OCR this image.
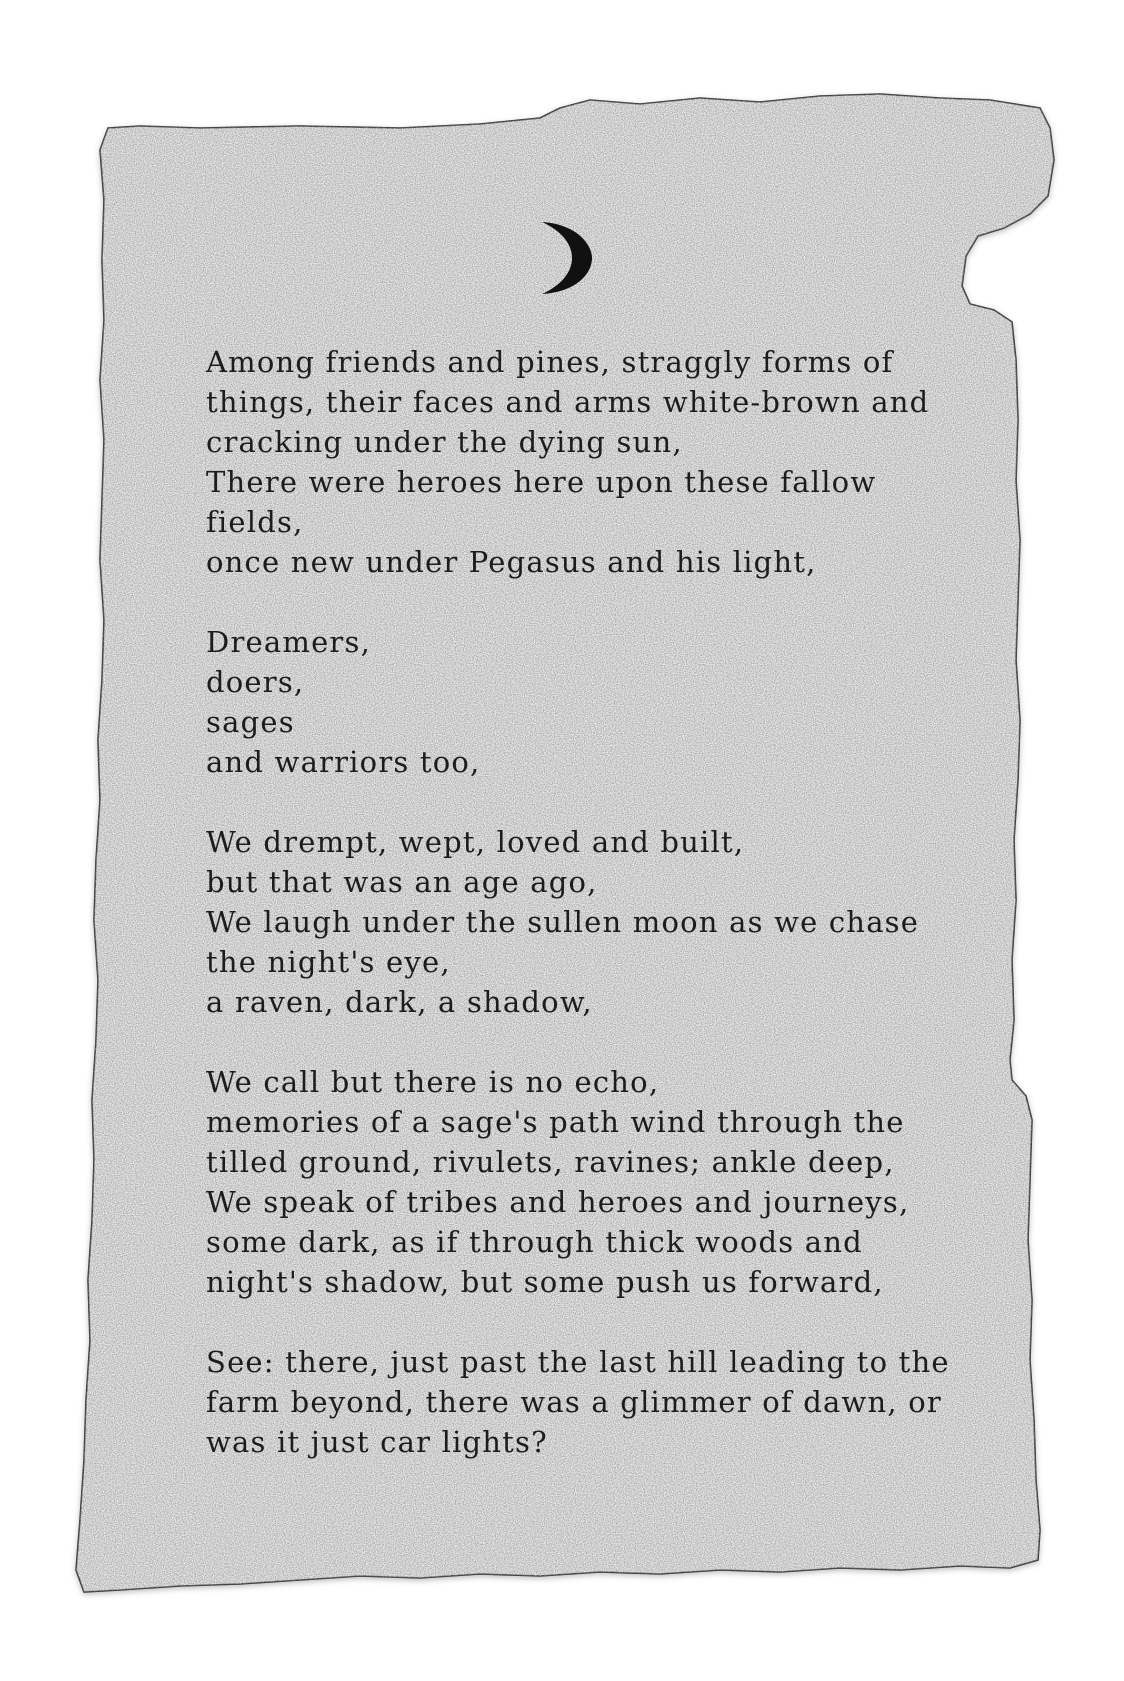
Among friends and pines, straggly forms of
things, their faces and arms white-brown and
cracking under the dying sun,
There were heroes here upon these fallow
fields,
once new under Pegasus and his light,
Dreamers,
doers,
sages
and warriors too,
We drempt, wept, loved and built,
but that was an age ago,
We laugh under the sullen moon as we chase
the night's eye,
a raven, dark, a shadow,
We call but there is no echo,
memories of a sage's path wind through the
tilled ground, rivulets, ravines; ankle deep,
We speak of tribes and heroes and journeys,
some dark, as if through thick woods and
night's shadow, but some push us forward,
See: there, just past the last hill leading to the
farm beyond, there was a glimmer of dawn, or
was it just car lights?
